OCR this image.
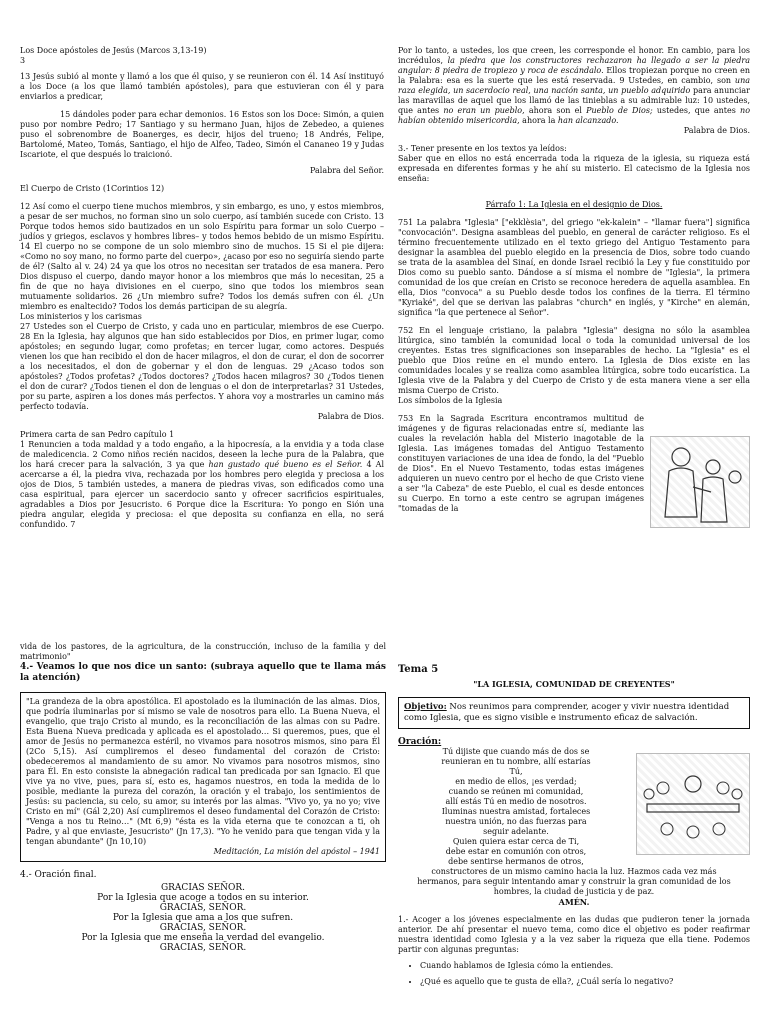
Los Doce apóstoles de Jesús (Marcos 3,13-19)

3

13 Jesús subió al monte y llamó a los que él quiso, y se reunieron con él. 14 Así instituyó a los Doce (a los que llamó también apóstoles), para que estuvieran con él y para enviarlos a predicar,

15 dándoles poder para echar demonios. 16 Estos son los Doce: Simón, a quien puso por nombre Pedro; 17 Santiago y su hermano Juan, hijos de Zebedeo, a quienes puso el sobrenombre de Boanerges, es decir, hijos del trueno; 18 Andrés, Felipe, Bartolomé, Mateo, Tomás, Santiago, el hijo de Alfeo, Tadeo, Simón el Cananeo 19 y Judas Iscariote, el que después lo traicionó.

Palabra del Señor.

El Cuerpo de Cristo (1Corintios 12)

12 Así como el cuerpo tiene muchos miembros, y sin embargo, es uno, y estos miembros, a pesar de ser muchos, no forman sino un solo cuerpo, así también sucede con Cristo. 13 Porque todos hemos sido bautizados en un solo Espíritu para formar un solo Cuerpo –judíos y griegos, esclavos y hombres libres– y todos hemos bebido de un mismo Espíritu. 14 El cuerpo no se compone de un solo miembro sino de muchos. 15 Si el pie dijera: «Como no soy mano, no formo parte del cuerpo», ¿acaso por eso no seguiría siendo parte de él? (Salto al v. 24) 24 ya que los otros no necesitan ser tratados de esa manera. Pero Dios dispuso el cuerpo, dando mayor honor a los miembros que más lo necesitan, 25 a fin de que no haya divisiones en el cuerpo, sino que todos los miembros sean mutuamente solidarios. 26 ¿Un miembro sufre? Todos los demás sufren con él. ¿Un miembro es enaltecido? Todos los demás participan de su alegría.

Los ministerios y los carismas

27 Ustedes son el Cuerpo de Cristo, y cada uno en particular, miembros de ese Cuerpo. 28 En la Iglesia, hay algunos que han sido establecidos por Dios, en primer lugar, como apóstoles; en segundo lugar, como profetas; en tercer lugar, como actores. Después vienen los que han recibido el don de hacer milagros, el don de curar, el don de socorrer a los necesitados, el don de gobernar y el don de lenguas. 29 ¿Acaso todos son apóstoles? ¿Todos profetas? ¿Todos doctores? ¿Todos hacen milagros? 30 ¿Todos tienen el don de curar? ¿Todos tienen el don de lenguas o el don de interpretarlas? 31 Ustedes, por su parte, aspiren a los dones más perfectos. Y ahora voy a mostrarles un camino más perfecto todavía.

Palabra de Dios.

Primera carta de san Pedro capítulo 1

1 Renuncien a toda maldad y a todo engaño, a la hipocresía, a la envidia y a toda clase de maledicencia. 2 Como niños recién nacidos, deseen la leche pura de la Palabra, que los hará crecer para la salvación, 3 ya que han gustado qué bueno es el Señor. 4 Al acercarse a él, la piedra viva, rechazada por los hombres pero elegida y preciosa a los ojos de Dios, 5 también ustedes, a manera de piedras vivas, son edificados como una casa espiritual, para ejercer un sacerdocio santo y ofrecer sacrificios espirituales, agradables a Dios por Jesucristo. 6 Porque dice la Escritura: Yo pongo en Sión una piedra angular, elegida y preciosa: el que deposita su confianza en ella, no será confundido. 7

Por lo tanto, a ustedes, los que creen, les corresponde el honor. En cambio, para los incrédulos, la piedra que los constructores rechazaron ha llegado a ser la piedra angular: 8 piedra de tropiezo y roca de escándalo. Ellos tropiezan porque no creen en la Palabra: esa es la suerte que les está reservada. 9 Ustedes, en cambio, son una raza elegida, un sacerdocio real, una nación santa, un pueblo adquirido para anunciar las maravillas de aquel que los llamó de las tinieblas a su admirable luz: 10 ustedes, que antes no eran un pueblo, ahora son el Pueblo de Dios; ustedes, que antes no habían obtenido misericordia, ahora la han alcanzado.

Palabra de Dios.

3.- Tener presente en los textos ya leídos:

Saber que en ellos no está encerrada toda la riqueza de la iglesia, su riqueza está expresada en diferentes formas y he ahí su misterio. El catecismo de la Iglesia nos enseña:

Párrafo 1: La Iglesia en el designio de Dios.

751 La palabra "Iglesia" ["ekklèsia", del griego "ek-kalein" – "llamar fuera"] significa "convocación". Designa asambleas del pueblo, en general de carácter religioso. Es el término frecuentemente utilizado en el texto griego del Antiguo Testamento para designar la asamblea del pueblo elegido en la presencia de Dios, sobre todo cuando se trata de la asamblea del Sinaí, en donde Israel recibió la Ley y fue constituido por Dios como su pueblo santo. Dándose a sí misma el nombre de "Iglesia", la primera comunidad de los que creían en Cristo se reconoce heredera de aquella asamblea. En ella, Dios "convoca" a su Pueblo desde todos los confines de la tierra. El término "Kyriaké", del que se derivan las palabras "church" en inglés, y "Kirche" en alemán, significa "la que pertenece al Señor".

752 En el lenguaje cristiano, la palabra "Iglesia" designa no sólo la asamblea litúrgica, sino también la comunidad local o toda la comunidad universal de los creyentes. Estas tres significaciones son inseparables de hecho. La "Iglesia" es el pueblo que Dios reúne en el mundo entero. La Iglesia de Dios existe en las comunidades locales y se realiza como asamblea litúrgica, sobre todo eucarística. La Iglesia vive de la Palabra y del Cuerpo de Cristo y de esta manera viene a ser ella misma Cuerpo de Cristo.

Los símbolos de la Iglesia

753 En la Sagrada Escritura encontramos multitud de imágenes y de figuras relacionadas entre sí, mediante las cuales la revelación habla del Misterio inagotable de la Iglesia. Las imágenes tomadas del Antiguo Testamento constituyen variaciones de una idea de fondo, la del "Pueblo de Dios". En el Nuevo Testamento, todas estas imágenes adquieren un nuevo centro por el hecho de que Cristo viene a ser "la Cabeza" de este Pueblo, el cual es desde entonces su Cuerpo. En torno a este centro se agrupan imágenes "tomadas de la

vida de los pastores, de la agricultura, de la construcción, incluso de la familia y del matrimonio"

4.- Veamos lo que nos dice un santo: (subraya aquello que te llama más la atención)

"La grandeza de la obra apostólica. El apostolado es la iluminación de las almas. Dios, que podría iluminarlas por sí mismo se vale de nosotros para ello. La Buena Nueva, el evangelio, que trajo Cristo al mundo, es la reconciliación de las almas con su Padre. Esta Buena Nueva predicada y aplicada es el apostolado… Si queremos, pues, que el amor de Jesús no permanezca estéril, no vivamos para nosotros mismos, sino para Él (2Co 5,15). Así cumpliremos el deseo fundamental del corazón de Cristo: obedeceremos al mandamiento de su amor. No vivamos para nosotros mismos, sino para Él. En esto consiste la abnegación radical tan predicada por san Ignacio. El que vive ya no vive, pues, para sí, esto es, hagamos nuestros, en toda la medida de lo posible, mediante la pureza del corazón, la oración y el trabajo, los sentimientos de Jesús: su paciencia, su celo, su amor, su interés por las almas. "Vivo yo, ya no yo; vive Cristo en mí" (Gál 2,20) Así cumpliremos el deseo fundamental del Corazón de Cristo: "Venga a nos tu Reino…" (Mt 6,9) "ésta es la vida eterna que te conozcan a ti, oh Padre, y al que enviaste, Jesucristo" (Jn 17,3). "Yo he venido para que tengan vida y la tengan abundante" (Jn 10,10)

Meditación, La misión del apóstol – 1941

4.- Oración final.

GRACIAS SEÑOR.
Por la Iglesia que acoge a todos en su interior.
GRACIAS, SEÑOR.
Por la Iglesia que ama a los que sufren.
GRACIAS, SEÑOR.
Por la Iglesia que me enseña la verdad del evangelio.
GRACIAS, SEÑOR.

Tema 5

"LA IGLESIA, COMUNIDAD DE CREYENTES"

Objetivo: Nos reunimos para comprender, acoger y vivir nuestra identidad como Iglesia, que es signo visible e instrumento eficaz de salvación.

Oración:

Tú dijiste que cuando más de dos se
reunieran en tu nombre, allí estarías
Tú,
en medio de ellos, ¡es verdad;
cuando se reúnen mi comunidad,
allí estás Tú en medio de nosotros.
Iluminas nuestra amistad, fortaleces
nuestra unión, no das fuerzas para
seguir adelante.
Quien quiera estar cerca de Ti,
debe estar en comunión con otros,
debe sentirse hermanos de otros,
constructores de un mismo camino hacia la luz. Hazmos cada vez más
hermanos, para seguir intentando amar y construir la gran comunidad de los
hombres, la ciudad de justicia y de paz.
AMÉN.

1.- Acoger a los jóvenes especialmente en las dudas que pudieron tener la jornada anterior. De ahí presentar el nuevo tema, como dice el objetivo es poder reafirmar nuestra identidad como Iglesia y a la vez saber la riqueza que ella tiene. Podemos partir con algunas preguntas:

• Cuando hablamos de Iglesia cómo la entiendes.
• ¿Qué es aquello que te gusta de ella?, ¿Cuál sería lo negativo?
